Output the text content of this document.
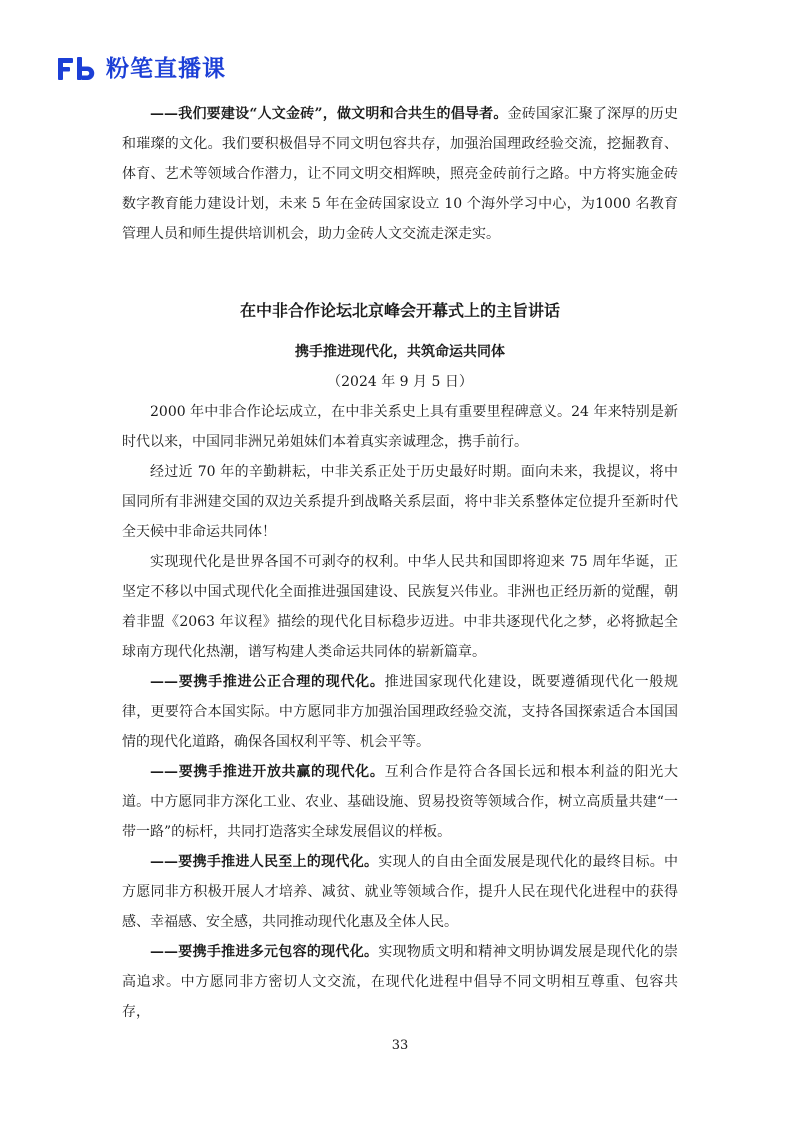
粉笔直播课

——我们要建设“人文金砖”，做文明和合共生的倡导者。金砖国家汇聚了深厚的历史和璀璨的文化。我们要积极倡导不同文明包容共存，加强治国理政经验交流，挖掘教育、体育、艺术等领域合作潜力，让不同文明交相辉映，照亮金砖前行之路。中方将实施金砖数字教育能力建设计划，未来 5 年在金砖国家设立 10 个海外学习中心，为1000 名教育管理人员和师生提供培训机会，助力金砖人文交流走深走实。

在中非合作论坛北京峰会开幕式上的主旨讲话
携手推进现代化，共筑命运共同体

（2024 年 9 月 5 日）

2000 年中非合作论坛成立，在中非关系史上具有重要里程碑意义。24 年来特别是新时代以来，中国同非洲兄弟姐妹们本着真实亲诚理念，携手前行。

经过近 70 年的辛勤耕耘，中非关系正处于历史最好时期。面向未来，我提议，将中国同所有非洲建交国的双边关系提升到战略关系层面，将中非关系整体定位提升至新时代全天候中非命运共同体！

实现现代化是世界各国不可剥夺的权利。中华人民共和国即将迎来 75 周年华诞，正坚定不移以中国式现代化全面推进强国建设、民族复兴伟业。非洲也正经历新的觉醒，朝着非盟《2063 年议程》描绘的现代化目标稳步迈进。中非共逐现代化之梦，必将掀起全球南方现代化热潮，谱写构建人类命运共同体的崭新篇章。

——要携手推进公正合理的现代化。推进国家现代化建设，既要遵循现代化一般规律，更要符合本国实际。中方愿同非方加强治国理政经验交流，支持各国探索适合本国国情的现代化道路，确保各国权利平等、机会平等。

——要携手推进开放共赢的现代化。互利合作是符合各国长远和根本利益的阳光大道。中方愿同非方深化工业、农业、基础设施、贸易投资等领域合作，树立高质量共建“一带一路”的标杆，共同打造落实全球发展倡议的样板。

——要携手推进人民至上的现代化。实现人的自由全面发展是现代化的最终目标。中方愿同非方积极开展人才培养、减贫、就业等领域合作，提升人民在现代化进程中的获得感、幸福感、安全感，共同推动现代化惠及全体人民。

——要携手推进多元包容的现代化。实现物质文明和精神文明协调发展是现代化的崇高追求。中方愿同非方密切人文交流，在现代化进程中倡导不同文明相互尊重、包容共存，

33
